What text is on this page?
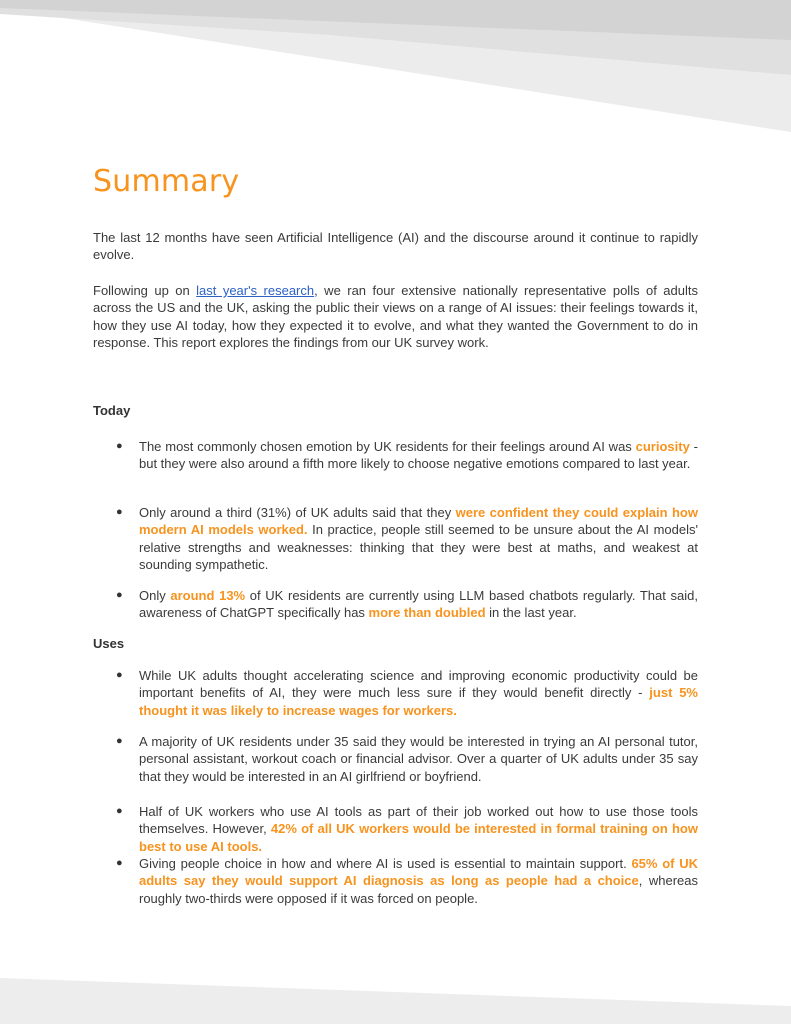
Summary

The last 12 months have seen Artificial Intelligence (AI) and the discourse around it continue to rapidly evolve.

Following up on last year's research, we ran four extensive nationally representative polls of adults across the US and the UK, asking the public their views on a range of AI issues: their feelings towards it, how they use AI today, how they expected it to evolve, and what they wanted the Government to do in response. This report explores the findings from our UK survey work.

Today
● The most commonly chosen emotion by UK residents for their feelings around AI was curiosity - but they were also around a fifth more likely to choose negative emotions compared to last year.
● Only around a third (31%) of UK adults said that they were confident they could explain how modern AI models worked. In practice, people still seemed to be unsure about the AI models' relative strengths and weaknesses: thinking that they were best at maths, and weakest at sounding sympathetic.
● Only around 13% of UK residents are currently using LLM based chatbots regularly. That said, awareness of ChatGPT specifically has more than doubled in the last year.
Uses
● While UK adults thought accelerating science and improving economic productivity could be important benefits of AI, they were much less sure if they would benefit directly - just 5% thought it was likely to increase wages for workers.
● A majority of UK residents under 35 said they would be interested in trying an AI personal tutor, personal assistant, workout coach or financial advisor. Over a quarter of UK adults under 35 say that they would be interested in an AI girlfriend or boyfriend.
● Half of UK workers who use AI tools as part of their job worked out how to use those tools themselves. However, 42% of all UK workers would be interested in formal training on how best to use AI tools.
● Giving people choice in how and where AI is used is essential to maintain support. 65% of UK adults say they would support AI diagnosis as long as people had a choice, whereas roughly two-thirds were opposed if it was forced on people.
